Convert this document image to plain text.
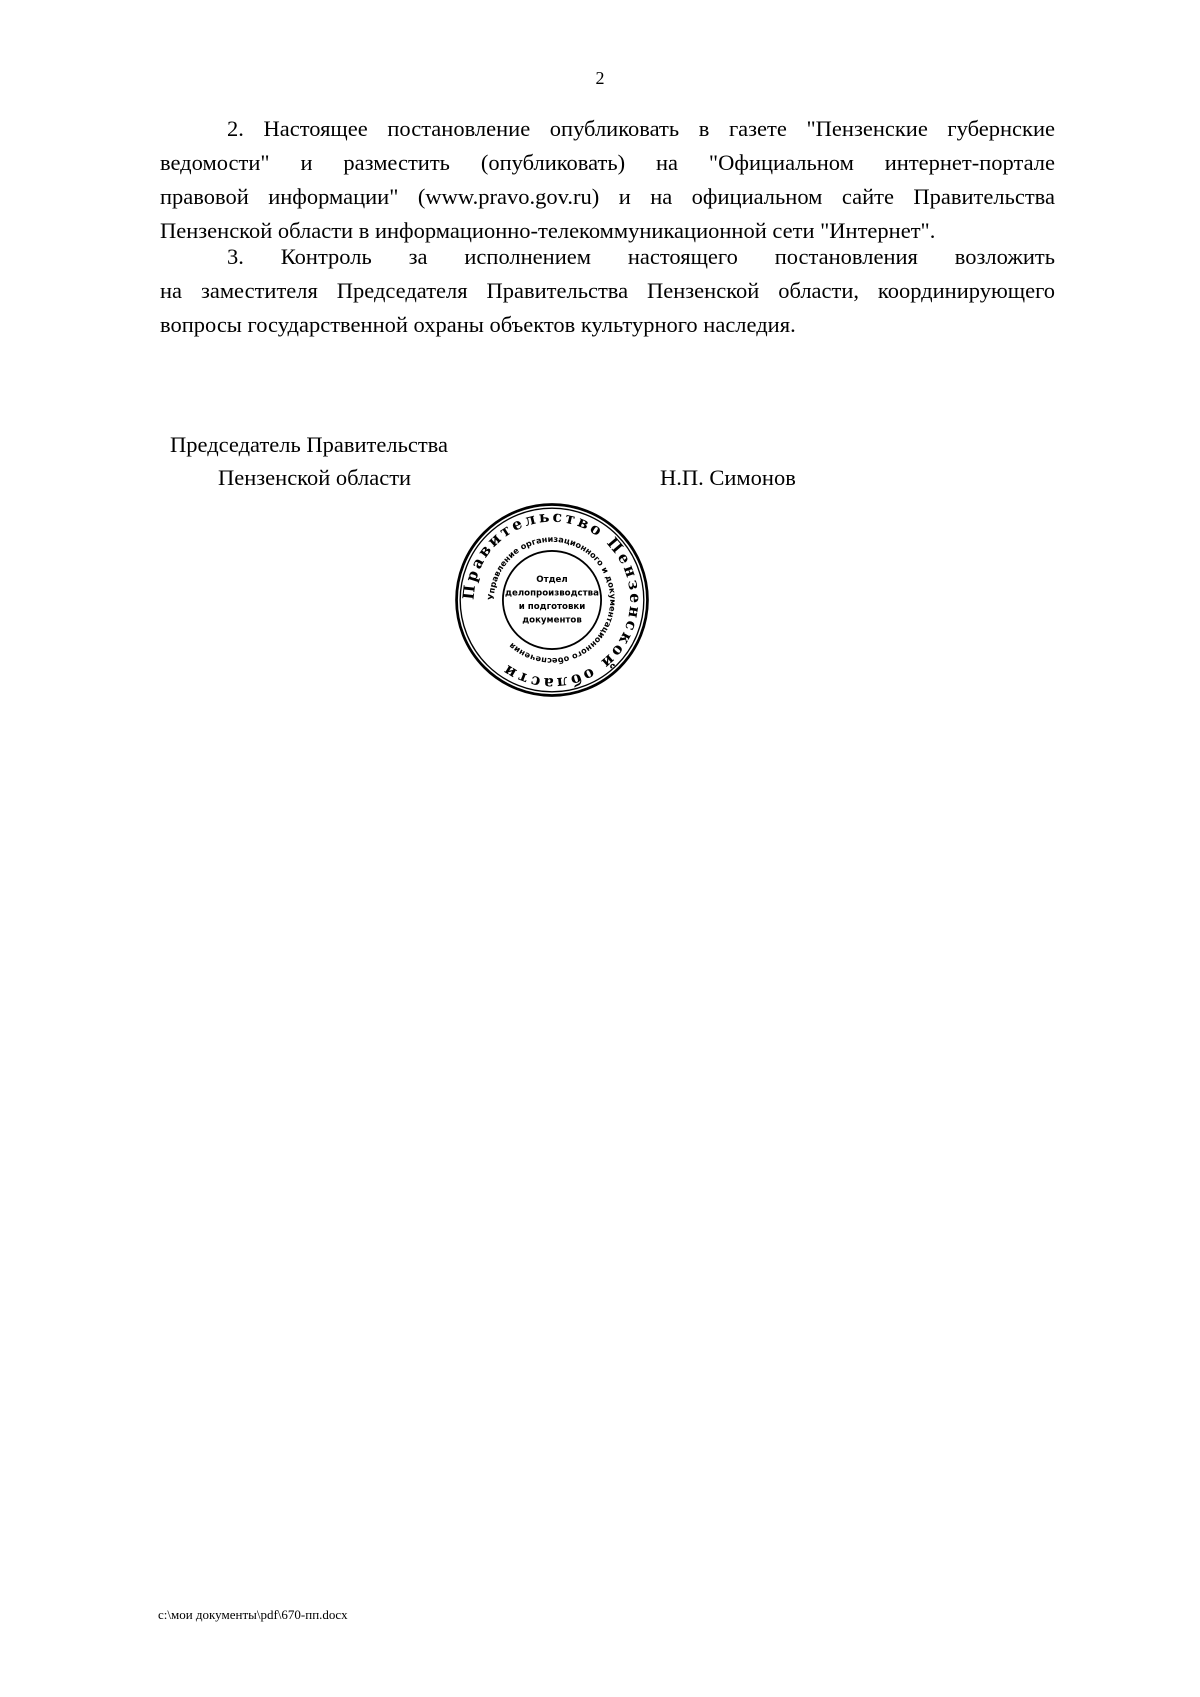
2
2. Настоящее постановление опубликовать в газете "Пензенские губернские
ведомости" и разместить (опубликовать) на "Официальном интернет-портале
правовой информации" (www.pravo.gov.ru) и на официальном сайте Правительства
Пензенской области в информационно-телекоммуникационной сети "Интернет".
3. Контроль за исполнением настоящего постановления возложить
на заместителя Председателя Правительства Пензенской области, координирующего
вопросы государственной охраны объектов культурного наследия.
Председатель Правительства
Пензенской области	Н.П. Симонов
Правительство Пензенской области
Управление организационного и документационного обеспечения
Отдел
делопроизводства
и подготовки
документов
c:\мои документы\pdf\670-пп.docx
